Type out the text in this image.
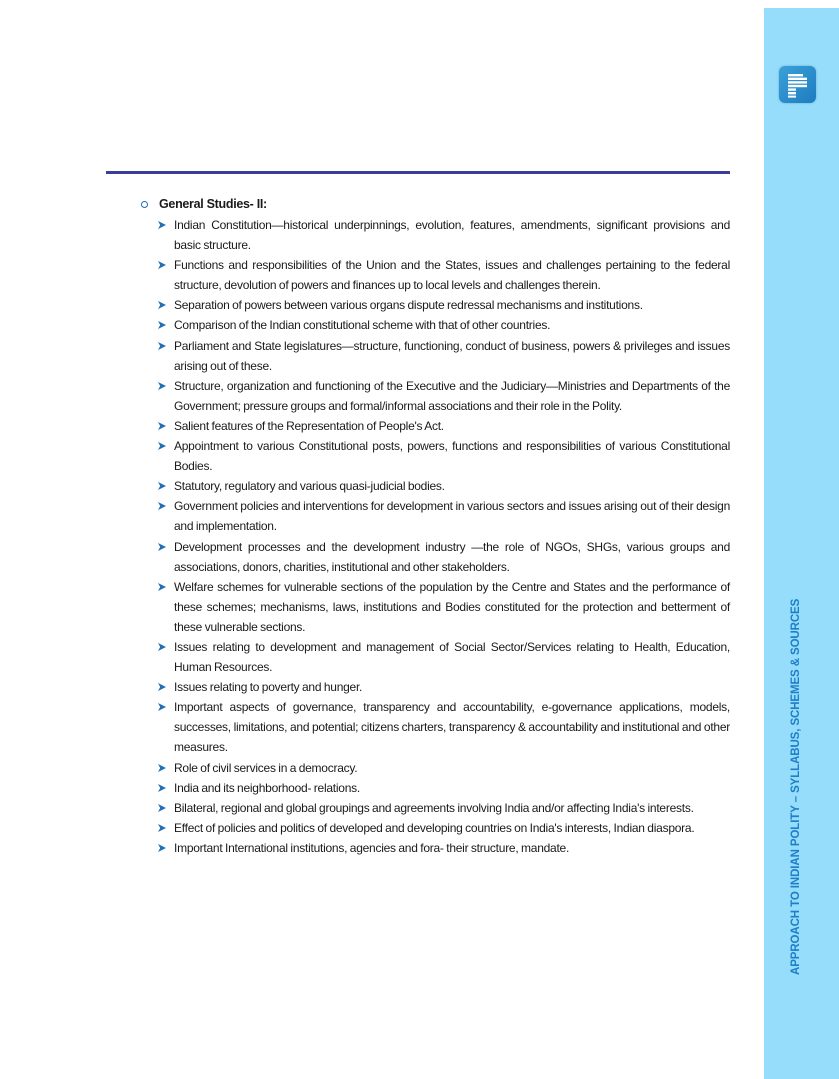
General Studies- II:
Indian Constitution—historical underpinnings, evolution, features, amendments, significant provisions and basic structure.
Functions and responsibilities of the Union and the States, issues and challenges pertaining to the federal structure, devolution of powers and finances up to local levels and challenges therein.
Separation of powers between various organs dispute redressal mechanisms and institutions.
Comparison of the Indian constitutional scheme with that of other countries.
Parliament and State legislatures—structure, functioning, conduct of business, powers & privileges and issues arising out of these.
Structure, organization and functioning of the Executive and the Judiciary—Ministries and Departments of the Government; pressure groups and formal/informal associations and their role in the Polity.
Salient features of the Representation of People's Act.
Appointment to various Constitutional posts, powers, functions and responsibilities of various Constitutional Bodies.
Statutory, regulatory and various quasi-judicial bodies.
Government policies and interventions for development in various sectors and issues arising out of their design and implementation.
Development processes and the development industry —the role of NGOs, SHGs, various groups and associations, donors, charities, institutional and other stakeholders.
Welfare schemes for vulnerable sections of the population by the Centre and States and the performance of these schemes; mechanisms, laws, institutions and Bodies constituted for the protection and betterment of these vulnerable sections.
Issues relating to development and management of Social Sector/Services relating to Health, Education, Human Resources.
Issues relating to poverty and hunger.
Important aspects of governance, transparency and accountability, e-governance applications, models, successes, limitations, and potential; citizens charters, transparency & accountability and institutional and other measures.
Role of civil services in a democracy.
India and its neighborhood- relations.
Bilateral, regional and global groupings and agreements involving India and/or affecting India's interests.
Effect of policies and politics of developed and developing countries on India's interests, Indian diaspora.
Important International institutions, agencies and fora- their structure, mandate.	APPROACH TO INDIAN POLITY – SYLLABUS, SCHEMES & SOURCES
